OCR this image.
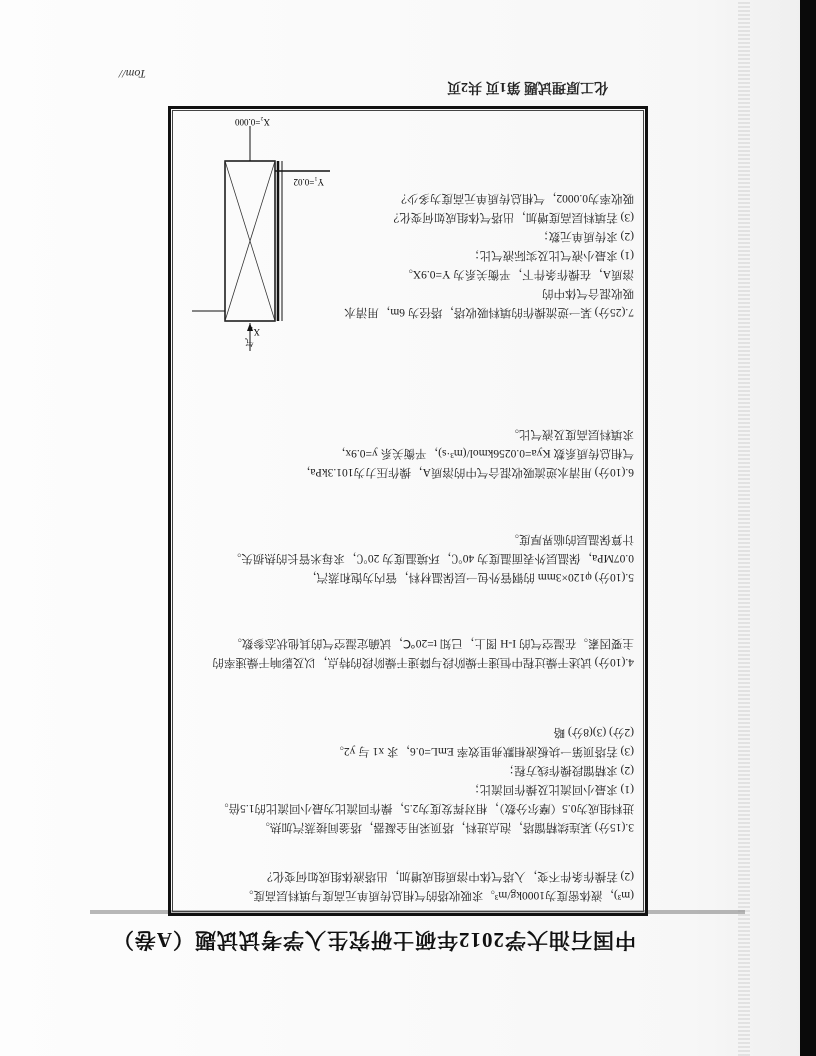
中国石油大学2012年硕士研究生入学考试试题（A卷）
(m³)，液体密度为1000kg/m³。求吸收塔的气相总传质单元高度与填料层高度。
(2) 若操作条件不变，入塔气体中溶质组成增加，出塔液体组成如何变化？
3.(15分) 某连续精馏塔，泡点进料，塔顶采用全凝器，塔釜间接蒸汽加热。
进料组成为0.5（摩尔分数），相对挥发度为2.5，操作回流比为最小回流比的1.5倍。
(1) 求最小回流比及操作回流比；
(2) 求精馏段操作线方程；
(3) 若塔顶第一块板液相默弗里效率 EmL=0.6，求 x1 与 y2。
(2分) (3)(8分) 略
4.(10分) 试述干燥过程中恒速干燥阶段与降速干燥阶段的特点，以及影响干燥速率的
主要因素。在湿空气的 I-H 图上，已知 t=20℃，试确定湿空气的其他状态参数。
5.(10分) φ120×3mm 的钢管外包一层保温材料，管内为饱和蒸汽，
0.07MPa，保温层外表面温度为 40℃，环境温度为 20℃，求每米管长的热损失。
计算保温层的临界厚度。
6.(10分) 用清水逆流吸收混合气中的溶质A，操作压力为101.3kPa，
气相总传质系数 Kya=0.0256kmol/(m³·s)，平衡关系 y=0.9x，
求填料层高度及液气比。
7.(25分) 某一逆流操作的填料吸收塔，塔径为 6m，用清水吸收混合气体中的
溶质A，在操作条件下，平衡关系为 Y=0.9X。
(1) 求最小液气比及实际液气比；
(2) 求传质单元数；
(3) 若填料层高度增加，出塔气体组成如何变化？
吸收率为0.0002，气相总传质单元高度为多少？
Y₁=0.02
气
X₁
X₂=0.000
化工原理试题 第1页 共2页
Tom//
